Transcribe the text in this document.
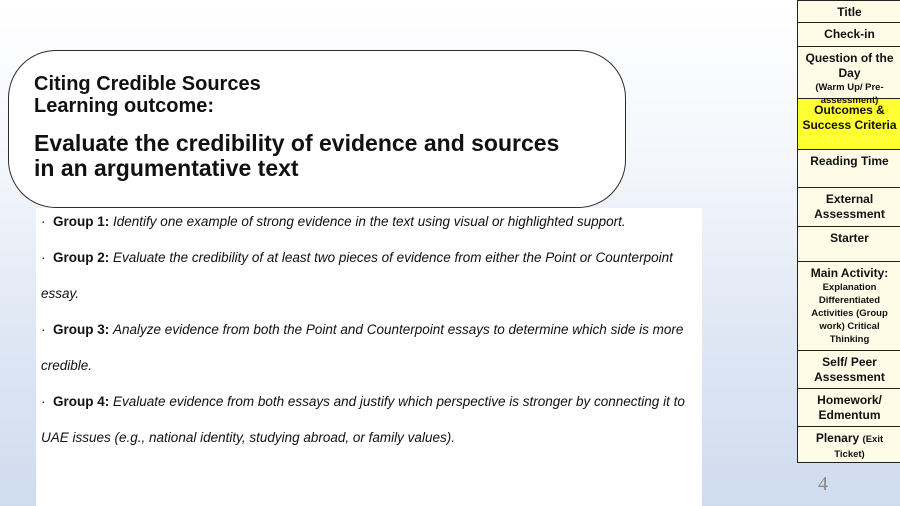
Citing Credible Sources

Learning outcome:

Evaluate the credibility of evidence and sources in an argumentative text

· Group 1: Identify one example of strong evidence in the text using visual or highlighted support.
· Group 2: Evaluate the credibility of at least two pieces of evidence from either the Point or Counterpoint essay.
· Group 3: Analyze evidence from both the Point and Counterpoint essays to determine which side is more credible.
· Group 4: Evaluate evidence from both essays and justify which perspective is stronger by connecting it to UAE issues (e.g., national identity, studying abroad, or family values).
Title
Check-in
Question of the Day
(Warm Up/ Pre-assessment)
Outcomes & Success Criteria
Reading Time
External Assessment
Starter
Main Activity:
Explanation Differentiated Activities (Group work) Critical Thinking
Self/ Peer Assessment
Homework/ Edmentum
Plenary (Exit Ticket)
4
